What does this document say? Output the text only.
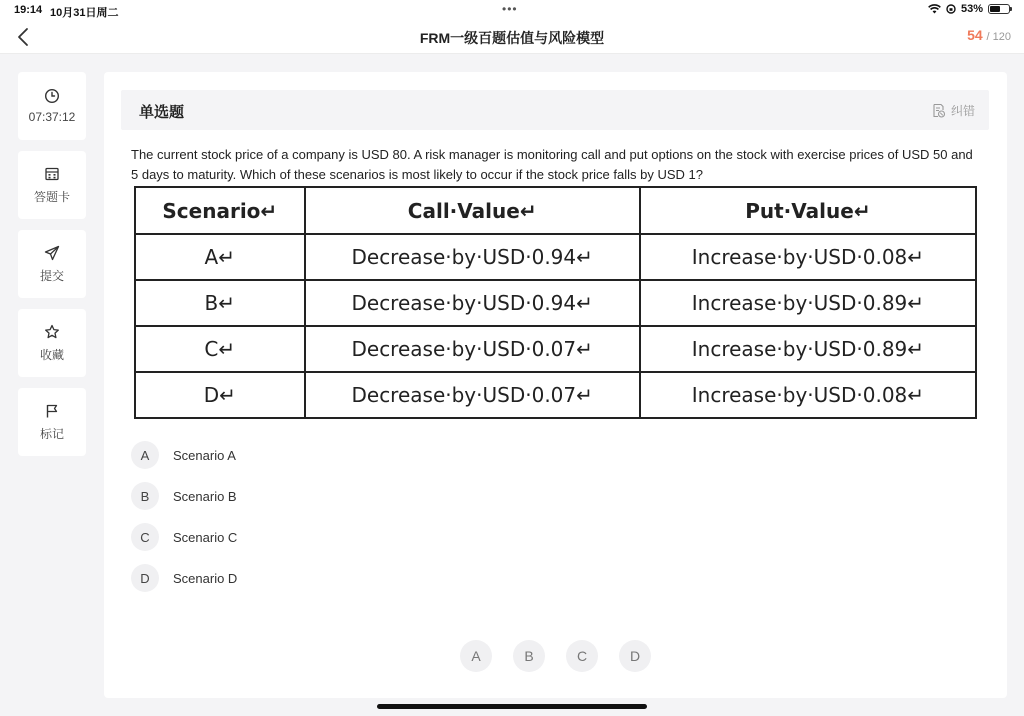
19:14 10月31日周二	•••	53%
FRM一级百题估值与风险模型	54 / 120
07:37:12
答题卡
提交
收藏
标记
单选题	纠错
The current stock price of a company is USD 80. A risk manager is monitoring call and put options on the stock with exercise prices of USD 50 and 5 days to maturity. Which of these scenarios is most likely to occur if the stock price falls by USD 1?
Scenario↵	Call·Value↵	Put·Value↵
A↵	Decrease·by·USD·0.94↵	Increase·by·USD·0.08↵
B↵	Decrease·by·USD·0.94↵	Increase·by·USD·0.89↵
C↵	Decrease·by·USD·0.07↵	Increase·by·USD·0.89↵
D↵	Decrease·by·USD·0.07↵	Increase·by·USD·0.08↵
A	Scenario A
B	Scenario B
C	Scenario C
D	Scenario D
A	B	C	D
